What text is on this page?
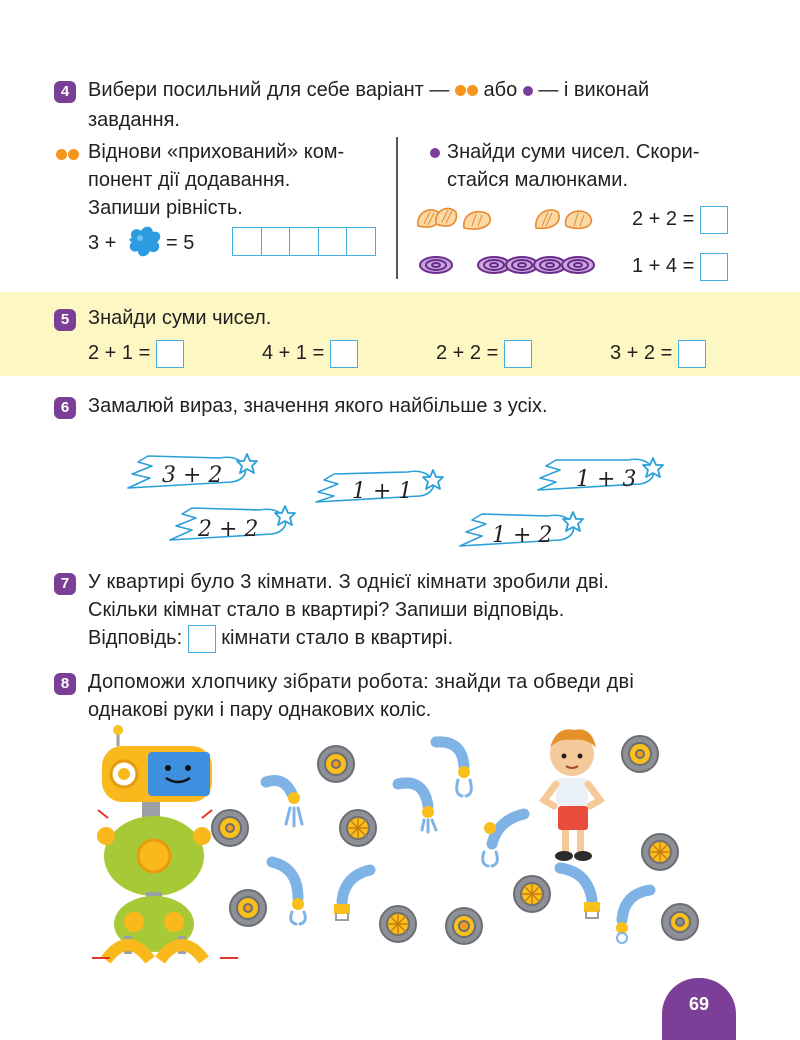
4 Вибери посильний для себе варіант — або — і виконай
завдання.
Віднови «прихований» ком-
понент дії додавання.
Запиши рівність.
3 + = 5
Знайди суми чисел. Скори-
стайся малюнками.
2 + 2 =
1 + 4 =
5 Знайди суми чисел.
2 + 1 =	4 + 1 =	2 + 2 =	3 + 2 =
6 Замалюй вираз, значення якого найбільше з усіх.
3 + 2
1 + 1	1 + 3
2 + 2	1 + 2
7 У квартирі було 3 кімнати. З однієї кімнати зробили дві.
Скільки кімнат стало в квартирі? Запиши відповідь.
Відповідь: кімнати стало в квартирі.
8 Допоможи хлопчику зібрати робота: знайди та обведи дві
однакові руки і пару однакових коліс.
69
